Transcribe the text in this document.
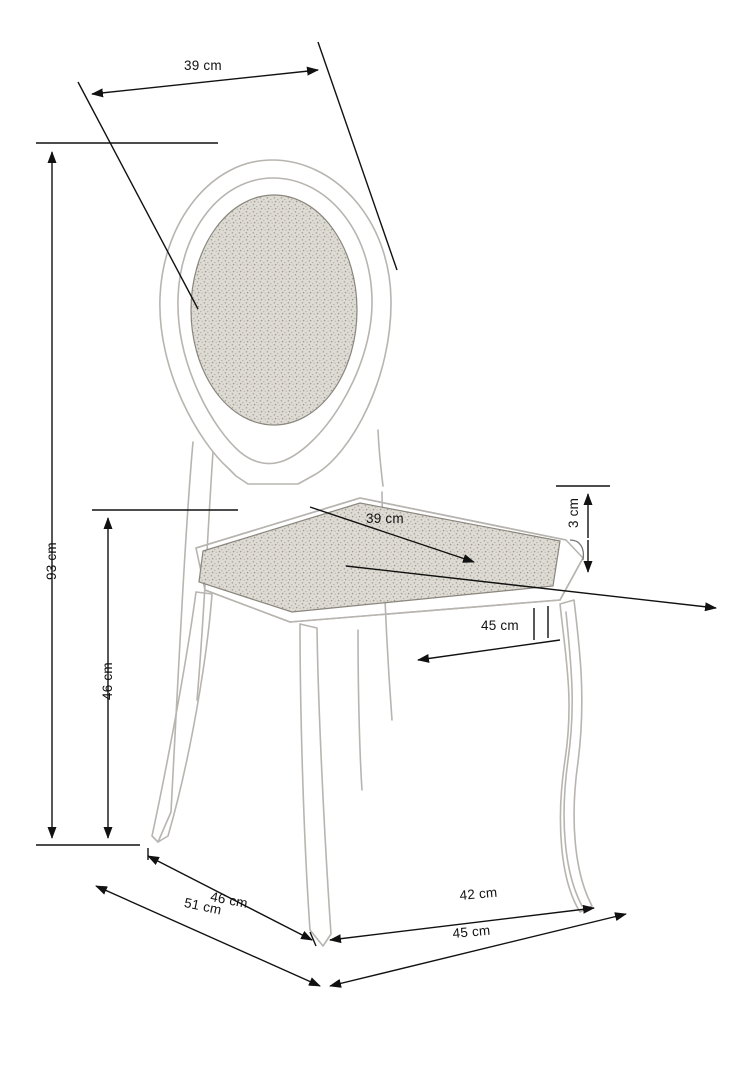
39 cm
93 cm
46 cm
39 cm	3 cm
45 cm
46 cm
51 cm
42 cm
45 cm
